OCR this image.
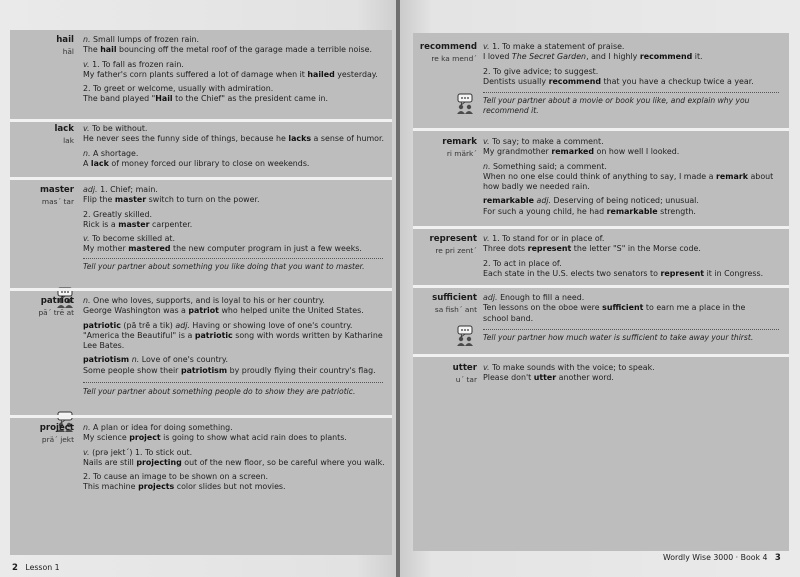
hail
hāl
n. Small lumps of frozen rain.
The hail bouncing off the metal roof of the garage made a terrible noise.
v. 1. To fall as frozen rain.
My father's corn plants suffered a lot of damage when it hailed yesterday.
2. To greet or welcome, usually with admiration.
The band played "Hail to the Chief" as the president came in.
lack
lak
v. To be without.
He never sees the funny side of things, because he lacks a sense of humor.
n. A shortage.
A lack of money forced our library to close on weekends.
master
mas´ tar
adj. 1. Chief; main.
Flip the master switch to turn on the power.
2. Greatly skilled.
Rick is a master carpenter.
v. To become skilled at.
My mother mastered the new computer program in just a few weeks.
Tell your partner about something you like doing that you want to master.
patriot
pā´ trē at
n. One who loves, supports, and is loyal to his or her country.
George Washington was a patriot who helped unite the United States.
patriotic (pā trē a tik) adj. Having or showing love of one's country.
"America the Beautiful" is a patriotic song with words written by Katharine
Lee Bates.
patriotism n. Love of one's country.
Some people show their patriotism by proudly flying their country's flag.
Tell your partner about something people do to show they are patriotic.
project
prä´ jekt
n. A plan or idea for doing something.
My science project is going to show what acid rain does to plants.
v. (prə jekt´) 1. To stick out.
Nails are still projecting out of the new floor, so be careful where you walk.
2. To cause an image to be shown on a screen.
This machine projects color slides but not movies.
2 Lesson 1
recommend
re ka mend´
v. 1. To make a statement of praise.
I loved The Secret Garden, and I highly recommend it.
2. To give advice; to suggest.
Dentists usually recommend that you have a checkup twice a year.
Tell your partner about a movie or book you like, and explain why you recommend it.
remark
ri märk´
v. To say; to make a comment.
My grandmother remarked on how well I looked.
n. Something said; a comment.
When no one else could think of anything to say, I made a remark about
how badly we needed rain.
remarkable adj. Deserving of being noticed; unusual.
For such a young child, he had remarkable strength.
represent
re pri zent´
v. 1. To stand for or in place of.
Three dots represent the letter "S" in the Morse code.
2. To act in place of.
Each state in the U.S. elects two senators to represent it in Congress.
sufficient
sa fish´ ant
adj. Enough to fill a need.
Ten lessons on the oboe were sufficient to earn me a place in the
school band.
Tell your partner how much water is sufficient to take away your thirst.
utter
u´ tar
v. To make sounds with the voice; to speak.
Please don't utter another word.
Wordly Wise 3000 · Book 4 3
